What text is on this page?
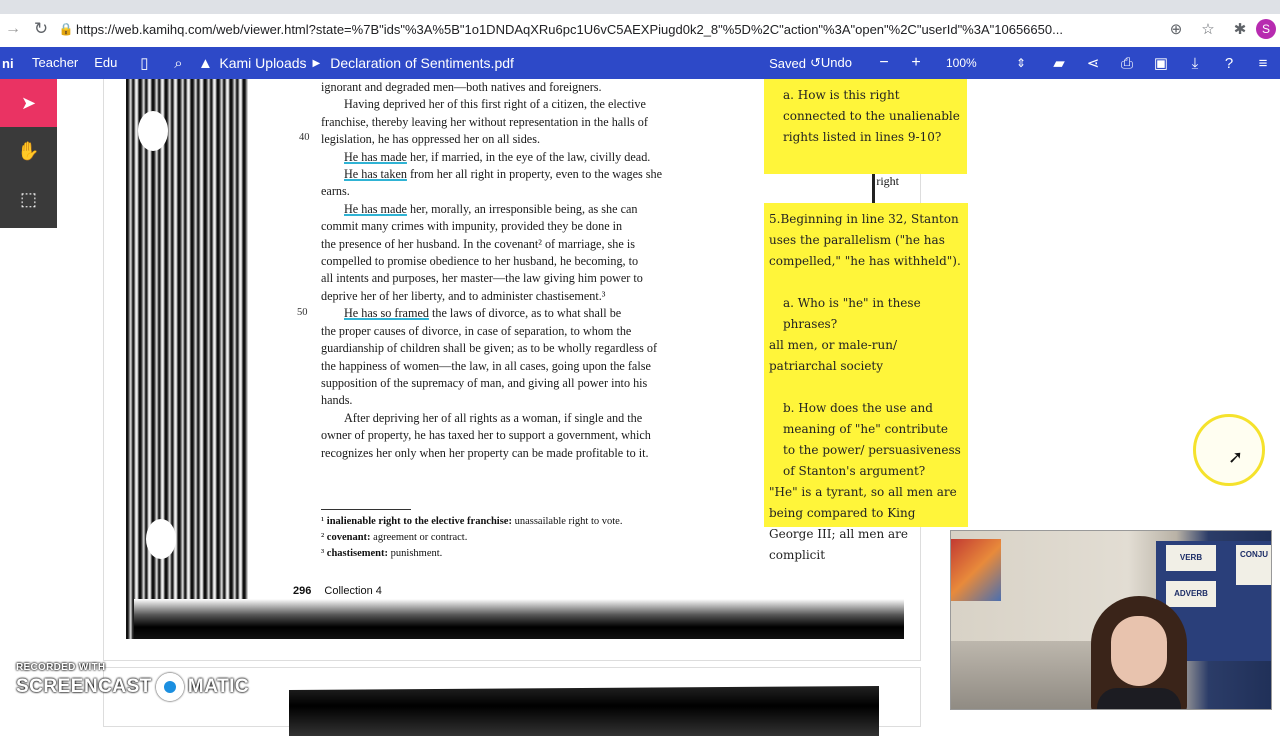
→ ↻ 🔒 https://web.kamihq.com/web/viewer.html?state=%7B"ids"%3A%5B"1o1DNDAqXRu6pc1U6vC5AEXPiugd0k2_8"%5D%2C"action"%3A"open"%2C"userId"%3A"10656650...	⊕	☆	✱	S
ni	Teacher	Edu	▯	⌕	▲ Kami Uploads ▶ Declaration of Sentiments.pdf	Saved ↺Undo	−	+	100%	⇕	▰	⋖	⎙	▣	⤓	?	≡
➤
✋
⬚
40
50
ignorant and degraded men—both natives and foreigners.
Having deprived her of this first right of a citizen, the elective
franchise, thereby leaving her without representation in the halls of
legislation, he has oppressed her on all sides.
He has made her, if married, in the eye of the law, civilly dead.
He has taken from her all right in property, even to the wages she
earns.
He has made her, morally, an irresponsible being, as she can
commit many crimes with impunity, provided they be done in
the presence of her husband. In the covenant² of marriage, she is
compelled to promise obedience to her husband, he becoming, to
all intents and purposes, her master—the law giving him power to
deprive her of her liberty, and to administer chastisement.³
He has so framed the laws of divorce, as to what shall be
the proper causes of divorce, in case of separation, to whom the
guardianship of children shall be given; as to be wholly regardless of
the happiness of women—the law, in all cases, going upon the false
supposition of the supremacy of man, and giving all power into his
hands.
After depriving her of all rights as a woman, if single and the
owner of property, he has taxed her to support a government, which
recognizes her only when her property can be made profitable to it.
right
¹ inalienable right to the elective franchise: unassailable right to vote.
² covenant: agreement or contract.
³ chastisement: punishment.
296 Collection 4

a. How is this right connected to the unalienable rights listed in lines 9-10?

5.Beginning in line 32, Stanton uses the parallelism ("he has compelled," "he has withheld").

a. Who is "he" in these phrases?

all men, or male-run/ patriarchal society

b. How does the use and meaning of "he" contribute to the power/ persuasiveness of Stanton's argument?

"He" is a tyrant, so all men are being compared to King George III; all men are complicit	VERB
ADVERB
CONJU
➚
RECORDED WITH
SCREENCAST MATIC
